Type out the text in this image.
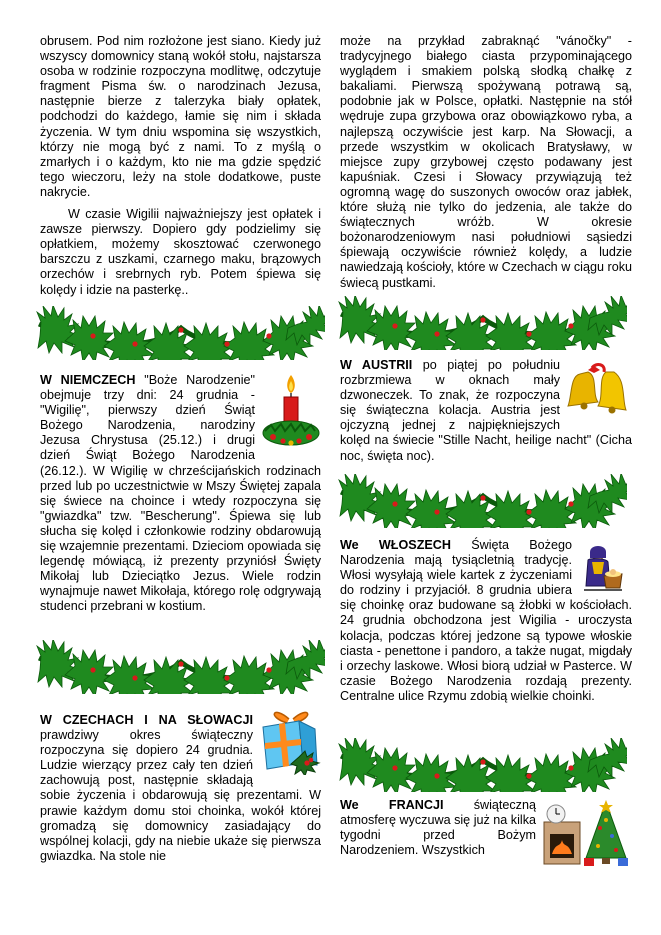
obrusem. Pod nim rozłożone jest siano. Kiedy już wszyscy domownicy staną wokół stołu, najstarsza osoba w rodzinie rozpoczyna modlitwę, odczytuje fragment Pisma św. o narodzinach Jezusa, następnie bierze z talerzyka biały opłatek, podchodzi do każdego, łamie się nim i składa życzenia. W tym dniu wspomina się wszystkich, którzy nie mogą być z nami. To z myślą o zmarłych i o każdym, kto nie ma gdzie spędzić tego wieczoru, leży na stole dodatkowe, puste nakrycie.

W czasie Wigilii najważniejszy jest opłatek i zawsze pierwszy. Dopiero gdy podzielimy się opłatkiem, możemy skosztować czerwonego barszczu z uszkami, czarnego maku, brązowych orzechów i srebrnych ryb. Potem śpiewa się kolędy i idzie na pasterkę..

W NIEMCZECH "Boże Narodzenie" obejmuje trzy dni: 24 grudnia -"Wigilię", pierwszy dzień Świąt Bożego Narodzenia, narodziny Jezusa Chrystusa (25.12.) i drugi dzień Świąt Bożego Narodzenia (26.12.). W Wigilię w chrześcijańskich rodzinach przed lub po uczestnictwie w Mszy Świętej zapala się świece na choince i wtedy rozpoczyna się "gwiazdka" tzw. "Bescherung". Śpiewa się lub słucha się kolęd i członkowie rodziny obdarowują się wzajemnie prezentami. Dzieciom opowiada się legendę mówiącą, iż prezenty przyniósł Święty Mikołaj lub Dzieciątko Jezus. Wiele rodzin wynajmuje nawet Mikołaja, którego rolę odgrywają studenci przebrani w kostium.

W CZECHACH I NA SŁOWACJI prawdziwy okres świąteczny rozpoczyna się dopiero 24 grudnia. Ludzie wierzący przez cały ten dzień zachowują post, następnie składają sobie życzenia i obdarowują się prezentami. W prawie każdym domu stoi choinka, wokół której gromadzą się domownicy zasiadający do wspólnej kolacji, gdy na niebie ukaże się pierwsza gwiazdka. Na stole nie

może na przykład zabraknąć "vánočky" - tradycyjnego białego ciasta przypominającego wyglądem i smakiem polską słodką chałkę z bakaliami. Pierwszą spożywaną potrawą są, podobnie jak w Polsce, opłatki. Następnie na stół wędruje zupa grzybowa oraz obowiązkowo ryba, a najlepszą oczywiście jest karp. Na Słowacji, a przede wszystkim w okolicach Bratysławy, w miejsce zupy grzybowej często podawany jest kapuśniak. Czesi i Słowacy przywiązują też ogromną wagę do suszonych owoców oraz jabłek, które służą nie tylko do jedzenia, ale także do świątecznych wróżb. W okresie bożonarodzeniowym nasi południowi sąsiedzi śpiewają oczywiście również kolędy, a ludzie nawiedzają kościoły, które w Czechach w ciągu roku świecą pustkami.

W AUSTRII po piątej po południu rozbrzmiewa w oknach mały dzwoneczek. To znak, że rozpoczyna się świąteczna kolacja. Austria jest ojczyzną jednej z najpiękniejszych kolęd na świecie "Stille Nacht, heilige nacht" (Cicha noc, święta noc).

We WŁOSZECH Święta Bożego Narodzenia mają tysiącletnią tradycję. Włosi wysyłają wiele kartek z życzeniami do rodziny i przyjaciół. 8 grudnia ubiera się choinkę oraz budowane są żłobki w kościołach. 24 grudnia obchodzona jest Wigilia - uroczysta kolacja, podczas której jedzone są typowe włoskie ciasta - penettone i pandoro, a także nugat, migdały i orzechy laskowe. Włosi biorą udział w Pasterce. W czasie Bożego Narodzenia rozdają prezenty. Centralne ulice Rzymu zdobią wielkie choinki.

We FRANCJI świąteczną atmosferę wyczuwa się już na kilka tygodni przed Bożym Narodzeniem. Wszystkich
